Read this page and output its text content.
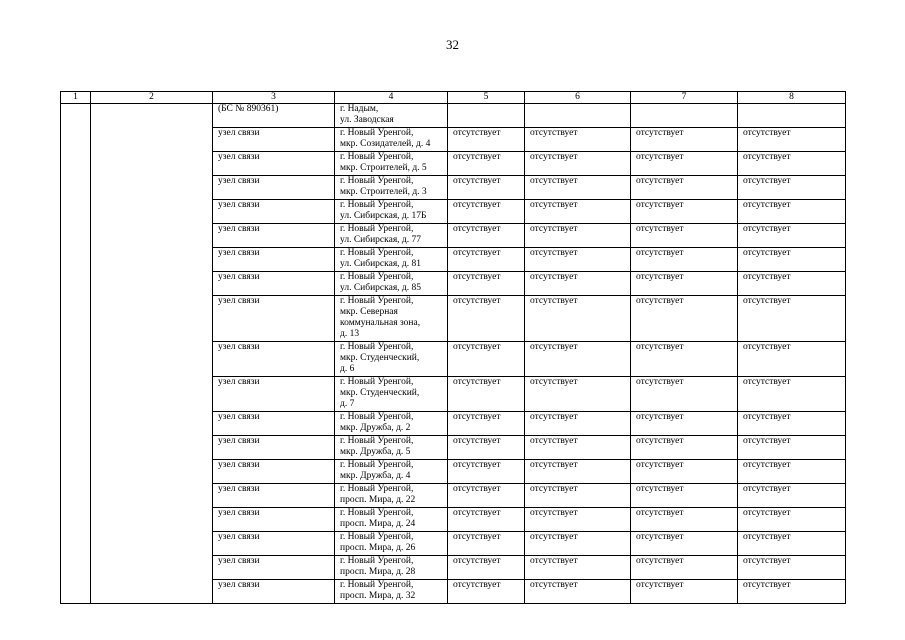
32
1	2	3	4	5	6	7	8
		(БС № 890361)	г. Надым,
ул. Заводская				

		узел связи	г. Новый Уренгой,
мкр. Созидателей, д. 4	отсутствует	отсутствует	отсутствует	отсутствует
		узел связи	г. Новый Уренгой,
мкр. Строителей, д. 5	отсутствует	отсутствует	отсутствует	отсутствует
		узел связи	г. Новый Уренгой,
мкр. Строителей, д. 3	отсутствует	отсутствует	отсутствует	отсутствует
		узел связи	г. Новый Уренгой,
ул. Сибирская, д. 17Б	отсутствует	отсутствует	отсутствует	отсутствует
		узел связи	г. Новый Уренгой,
ул. Сибирская, д. 77	отсутствует	отсутствует	отсутствует	отсутствует
		узел связи	г. Новый Уренгой,
ул. Сибирская, д. 81	отсутствует	отсутствует	отсутствует	отсутствует
		узел связи	г. Новый Уренгой,
ул. Сибирская, д. 85	отсутствует	отсутствует	отсутствует	отсутствует
		узел связи	г. Новый Уренгой,
мкр. Северная
коммунальная зона,
д. 13	отсутствует	отсутствует	отсутствует	отсутствует
		узел связи	г. Новый Уренгой,
мкр. Студенческий,
д. 6	отсутствует	отсутствует	отсутствует	отсутствует
		узел связи	г. Новый Уренгой,
мкр. Студенческий,
д. 7	отсутствует	отсутствует	отсутствует	отсутствует
		узел связи	г. Новый Уренгой,
мкр. Дружба, д. 2	отсутствует	отсутствует	отсутствует	отсутствует
		узел связи	г. Новый Уренгой,
мкр. Дружба, д. 5	отсутствует	отсутствует	отсутствует	отсутствует
		узел связи	г. Новый Уренгой,
мкр. Дружба, д. 4	отсутствует	отсутствует	отсутствует	отсутствует
		узел связи	г. Новый Уренгой,
просп. Мира, д. 22	отсутствует	отсутствует	отсутствует	отсутствует
		узел связи	г. Новый Уренгой,
просп. Мира, д. 24	отсутствует	отсутствует	отсутствует	отсутствует
		узел связи	г. Новый Уренгой,
просп. Мира, д. 26	отсутствует	отсутствует	отсутствует	отсутствует
		узел связи	г. Новый Уренгой,
просп. Мира, д. 28	отсутствует	отсутствует	отсутствует	отсутствует
		узел связи	г. Новый Уренгой,
просп. Мира, д. 32	отсутствует	отсутствует	отсутствует	отсутствует
